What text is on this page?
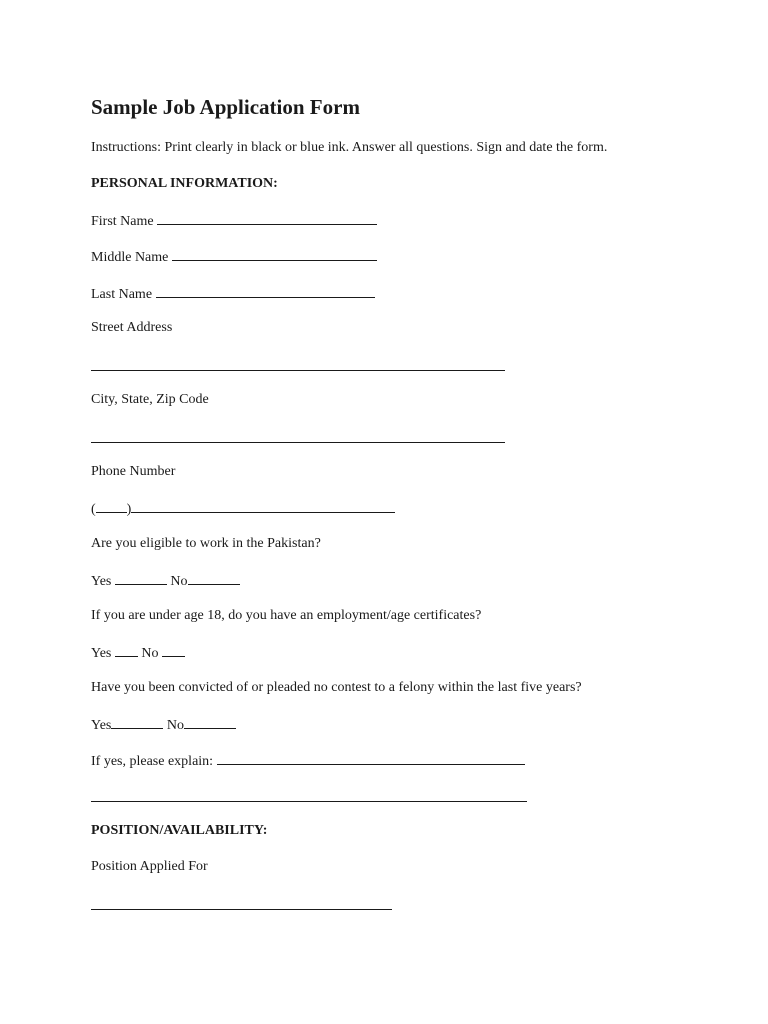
Sample Job Application Form
Instructions: Print clearly in black or blue ink. Answer all questions. Sign and date the form.
PERSONAL INFORMATION:
First Name
Middle Name
Last Name
Street Address
City, State, Zip Code
Phone Number
( )
Are you eligible to work in the Pakistan?
Yes	No
If you are under age 18, do you have an employment/age certificates?
Yes No
Have you been convicted of or pleaded no contest to a felony within the last five years?
Yes	No
If yes, please explain:
POSITION/AVAILABILITY:
Position Applied For
